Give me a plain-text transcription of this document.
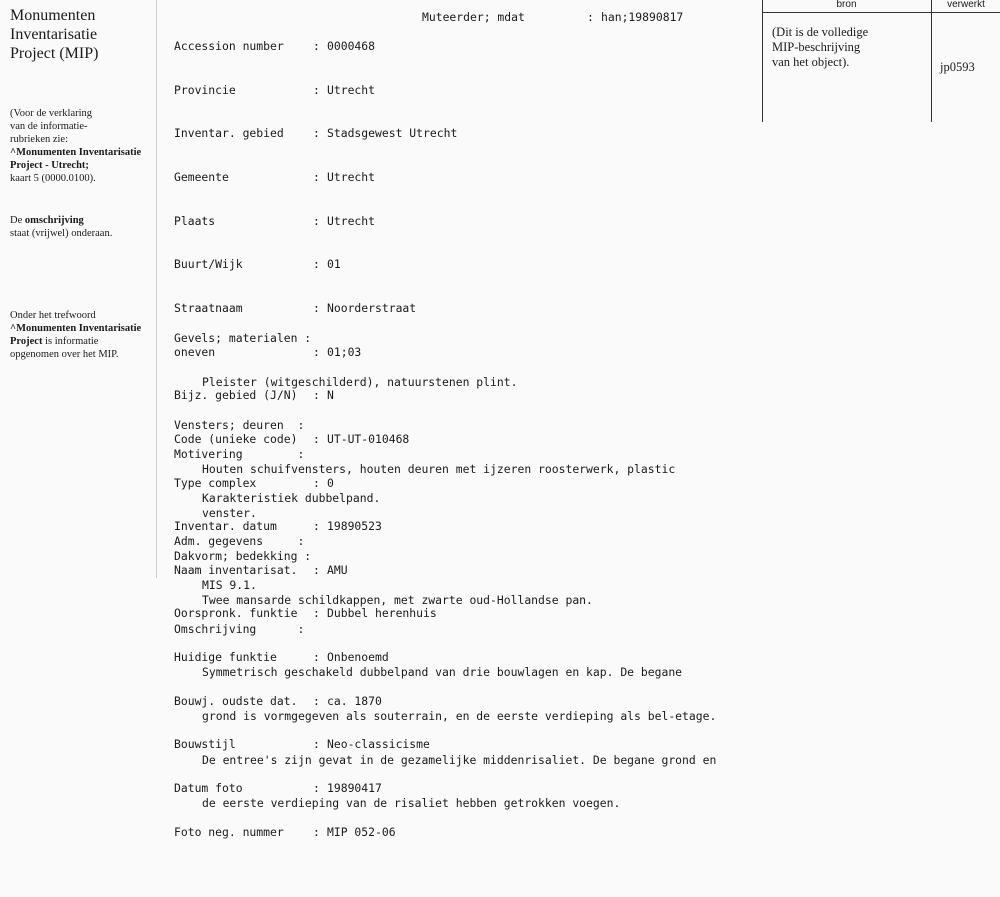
Monumenten
Inventarisatie
Project (MIP)
(Voor de verklaring
van de informatie-
rubrieken zie:
^Monumenten Inventarisatie
Project - Utrecht;
kaart 5 (0000.0100).
De omschrijving
staat (vrijwel) onderaan.
Onder het trefwoord
^Monumenten Inventarisatie
Project is informatie
opgenomen over het MIP.

Accession number	: 0000468

Provincie	: Utrecht

Inventar. gebied	: Stadsgewest Utrecht

Gemeente	: Utrecht

Plaats	: Utrecht

Buurt/Wijk	: 01

Straatnaam	: Noorderstraat

oneven	: 01;03

Bijz. gebied (J/N) : N

Code (unieke code) : UT-UT-010468

Type complex	: 0

Inventar. datum	: 19890523

Naam inventarisat. : AMU

Oorspronk. funktie : Dubbel herenhuis

Huidige funktie	: Onbenoemd

Bouwj. oudste dat. : ca. 1870

Bouwstijl	: Neo-classicisme

Datum foto	: 19890417

Foto neg. nummer	: MIP 052-06

Muteerder; mdat	: han;19890817

Gevels; materialen :

Pleister (witgeschilderd), natuurstenen plint.

Vensters; deuren  :

Houten schuifvensters, houten deuren met ijzeren roosterwerk, plastic

venster.

Dakvorm; bedekking :

Twee mansarde schildkappen, met zwarte oud-Hollandse pan.

Motivering        :

Karakteristiek dubbelpand.

Adm. gegevens     :

MIS 9.1.

Omschrijving      :

Symmetrisch geschakeld dubbelpand van drie bouwlagen en kap. De begane

grond is vormgegeven als souterrain, en de eerste verdieping als bel-etage.

De entree's zijn gevat in de gezamelijke middenrisaliet. De begane grond en

de eerste verdieping van de risaliet hebben getrokken voegen.

bron	verwerkt
(Dit is de volledige
MIP-beschrijving
van het object).	jp0593
